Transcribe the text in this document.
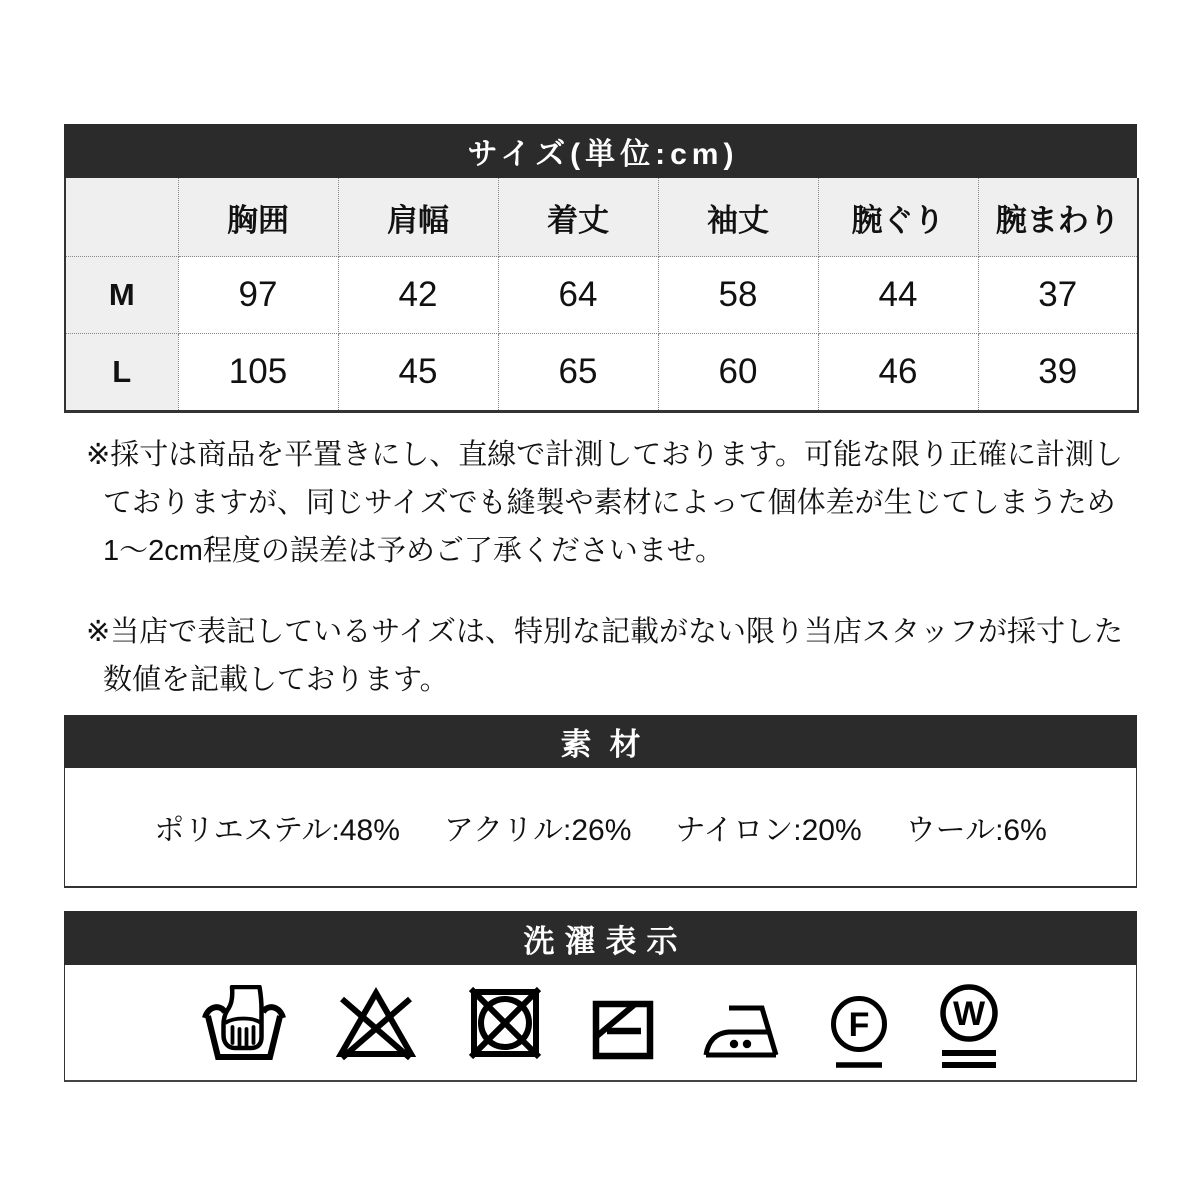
サイズ(単位:cm)
	胸囲	肩幅	着丈	袖丈	腕ぐり	腕まわり
M	97	42	64	58	44	37
L	105	45	65	60	46	39
※採寸は商品を平置きにし、直線で計測しております。可能な限り正確に計測し
ておりますが、同じサイズでも縫製や素材によって個体差が生じてしまうため
1〜2cm程度の誤差は予めご了承くださいませ。
※当店で表記しているサイズは、特別な記載がない限り当店スタッフが採寸した
数値を記載しております。
素材
ポリエステル:48% アクリル:26% ナイロン:20% ウール:6%
洗濯表示
F W
